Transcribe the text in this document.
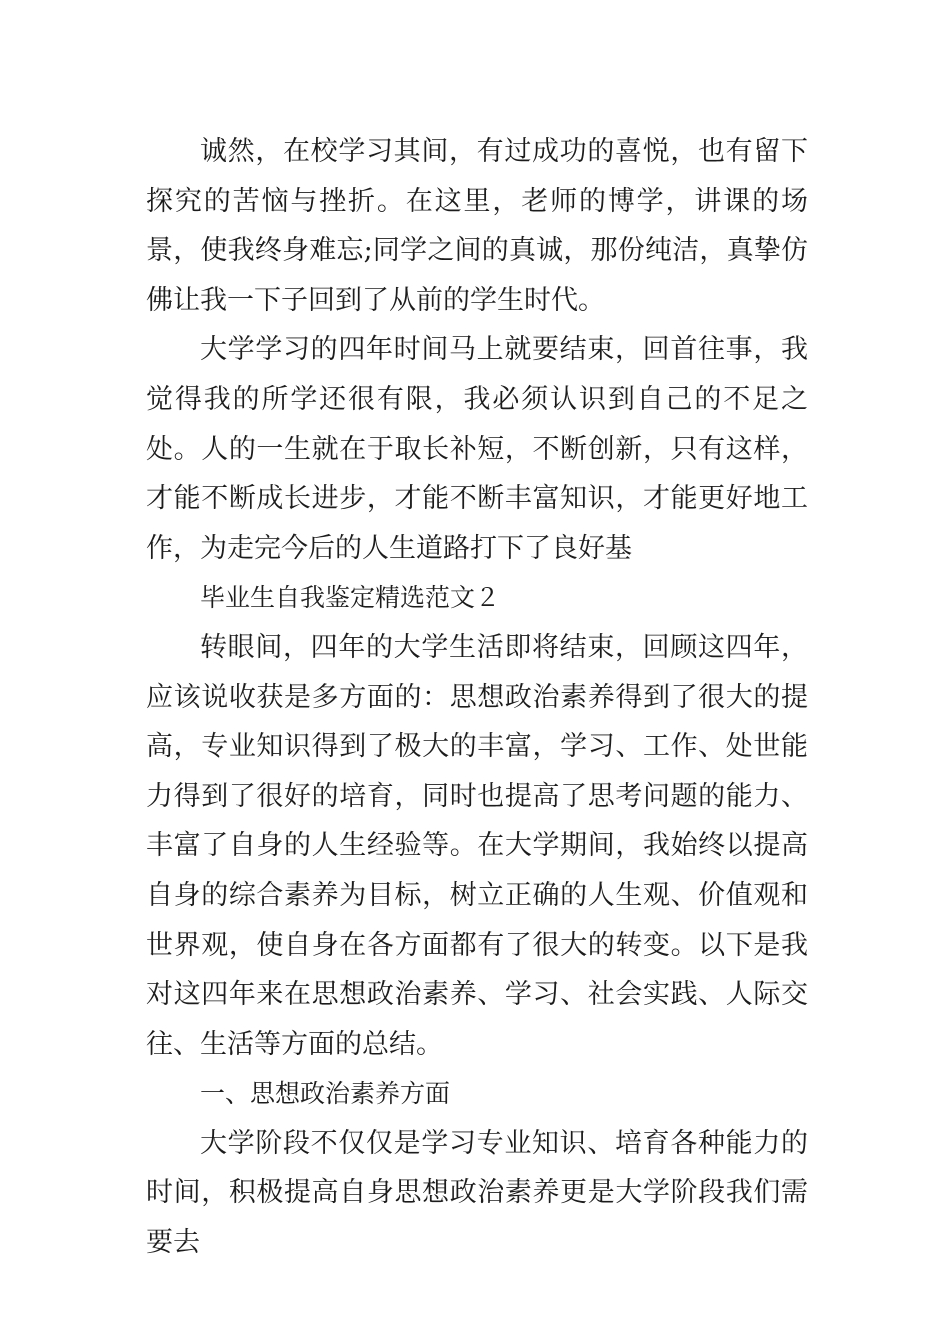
诚然，在校学习其间，有过成功的喜悦，也有留下探究的苦恼与挫折。在这里，老师的博学，讲课的场景，使我终身难忘;同学之间的真诚，那份纯洁，真挚仿佛让我一下子回到了从前的学生时代。

大学学习的四年时间马上就要结束，回首往事，我觉得我的所学还很有限，我必须认识到自己的不足之处。人的一生就在于取长补短，不断创新，只有这样，才能不断成长进步，才能不断丰富知识，才能更好地工作，为走完今后的人生道路打下了良好基

毕业生自我鉴定精选范文２

转眼间，四年的大学生活即将结束，回顾这四年，应该说收获是多方面的：思想政治素养得到了很大的提高，专业知识得到了极大的丰富，学习、工作、处世能力得到了很好的培育，同时也提高了思考问题的能力、丰富了自身的人生经验等。在大学期间，我始终以提高自身的综合素养为目标，树立正确的人生观、价值观和世界观，使自身在各方面都有了很大的转变。以下是我对这四年来在思想政治素养、学习、社会实践、人际交往、生活等方面的总结。

一、思想政治素养方面

大学阶段不仅仅是学习专业知识、培育各种能力的时间，积极提高自身思想政治素养更是大学阶段我们需要去
